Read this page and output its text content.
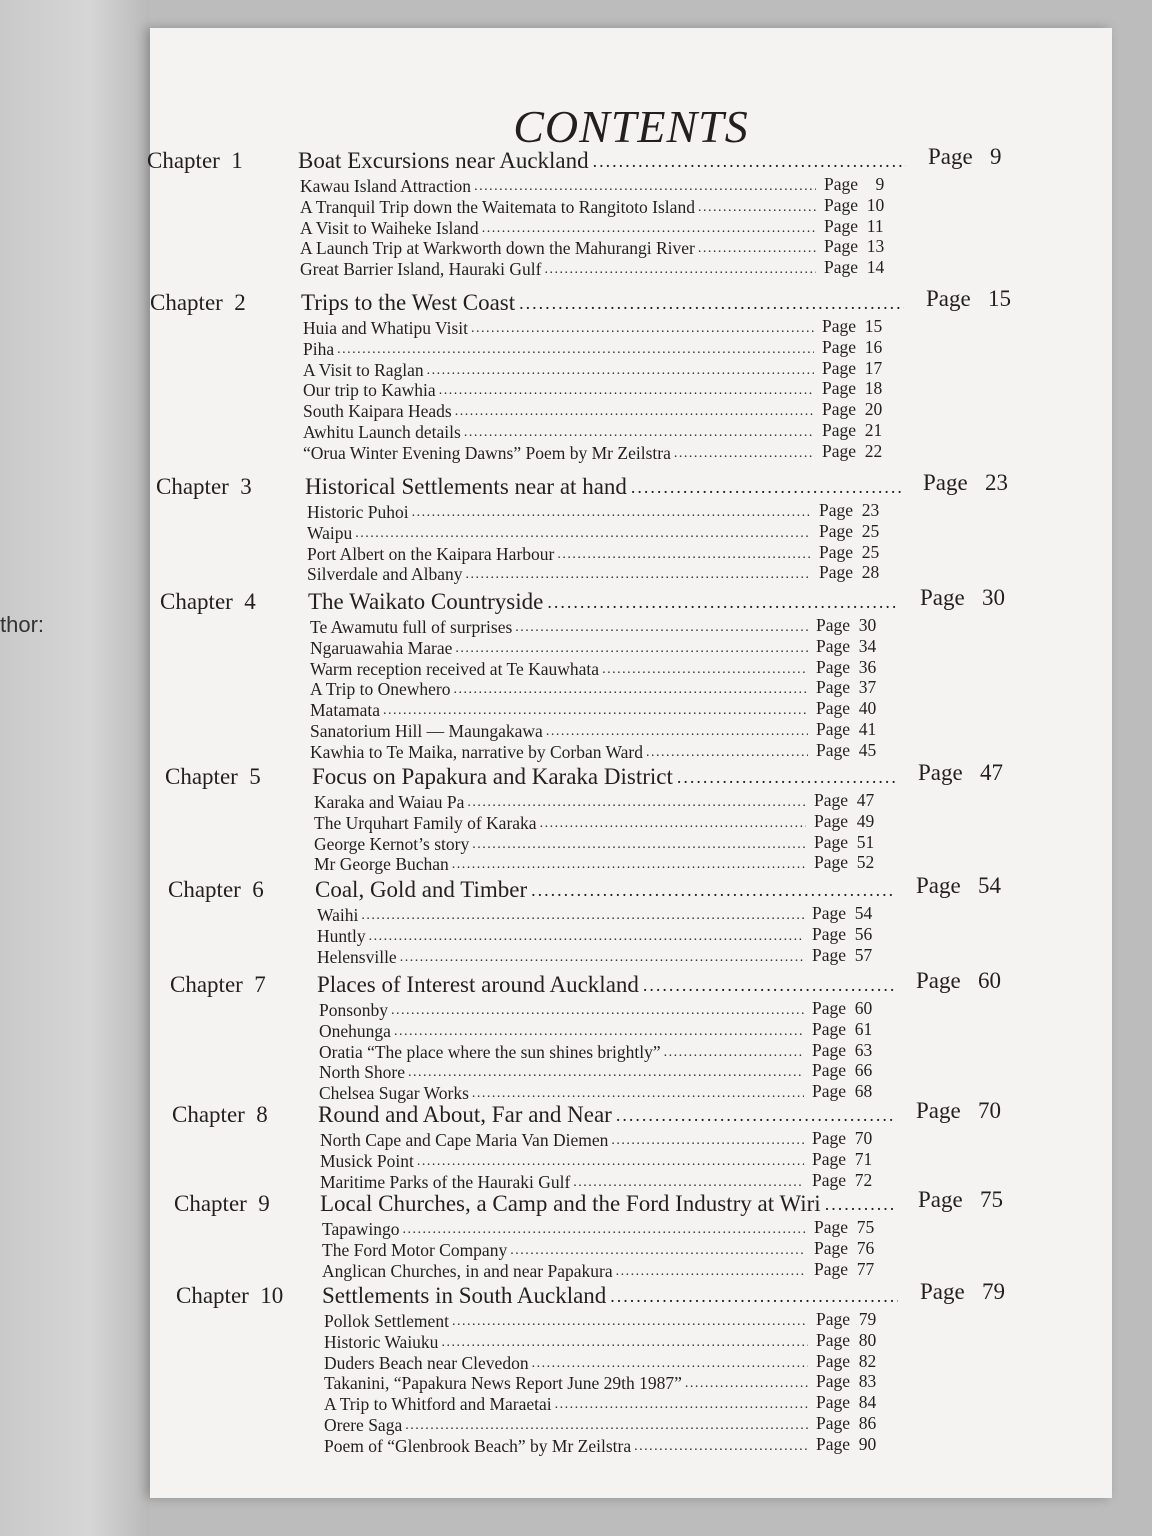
thor:
CONTENTS
Chapter  1 Boat Excursions near Auckland .....	Page   9
Kawau Island Attraction .....	Page    9
A Tranquil Trip down the Waitemata to Rangitoto Island .....	Page  10
A Visit to Waiheke Island .....	Page  11
A Launch Trip at Warkworth down the Mahurangi River .....	Page  13
Great Barrier Island, Hauraki Gulf .....	Page  14
Chapter  2 Trips to the West Coast .....	Page   15
Huia and Whatipu Visit .....	Page  15
Piha .....	Page  16
A Visit to Raglan .....	Page  17
Our trip to Kawhia .....	Page  18
South Kaipara Heads .....	Page  20
Awhitu Launch details .....	Page  21
“Orua Winter Evening Dawns” Poem by Mr Zeilstra .....	Page  22
Chapter  3 Historical Settlements near at hand .....	Page   23
Historic Puhoi .....	Page  23
Waipu .....	Page  25
Port Albert on the Kaipara Harbour .....	Page  25
Silverdale and Albany .....	Page  28
Chapter  4 The Waikato Countryside .....	Page   30
Te Awamutu full of surprises .....	Page  30
Ngaruawahia Marae .....	Page  34
Warm reception received at Te Kauwhata .....	Page  36
A Trip to Onewhero .....	Page  37
Matamata .....	Page  40
Sanatorium Hill — Maungakawa .....	Page  41
Kawhia to Te Maika, narrative by Corban Ward .....	Page  45
Chapter  5 Focus on Papakura and Karaka District .....	Page   47
Karaka and Waiau Pa .....	Page  47
The Urquhart Family of Karaka .....	Page  49
George Kernot’s story .....	Page  51
Mr George Buchan .....	Page  52
Chapter  6 Coal, Gold and Timber .....	Page   54
Waihi .....	Page  54
Huntly .....	Page  56
Helensville .....	Page  57
Chapter  7 Places of Interest around Auckland .....	Page   60
Ponsonby .....	Page  60
Onehunga .....	Page  61
Oratia “The place where the sun shines brightly” .....	Page  63
North Shore .....	Page  66
Chelsea Sugar Works .....	Page  68
Chapter  8 Round and About, Far and Near .....	Page   70
North Cape and Cape Maria Van Diemen .....	Page  70
Musick Point .....	Page  71
Maritime Parks of the Hauraki Gulf .....	Page  72
Chapter  9 Local Churches, a Camp and the Ford Industry at Wiri .....	Page   75
Tapawingo .....	Page  75
The Ford Motor Company .....	Page  76
Anglican Churches, in and near Papakura .....	Page  77
Chapter  10 Settlements in South Auckland .....	Page   79
Pollok Settlement .....	Page  79
Historic Waiuku .....	Page  80
Duders Beach near Clevedon .....	Page  82
Takanini, “Papakura News Report June 29th 1987” .....	Page  83
A Trip to Whitford and Maraetai .....	Page  84
Orere Saga .....	Page  86
Poem of “Glenbrook Beach” by Mr Zeilstra .....	Page  90
